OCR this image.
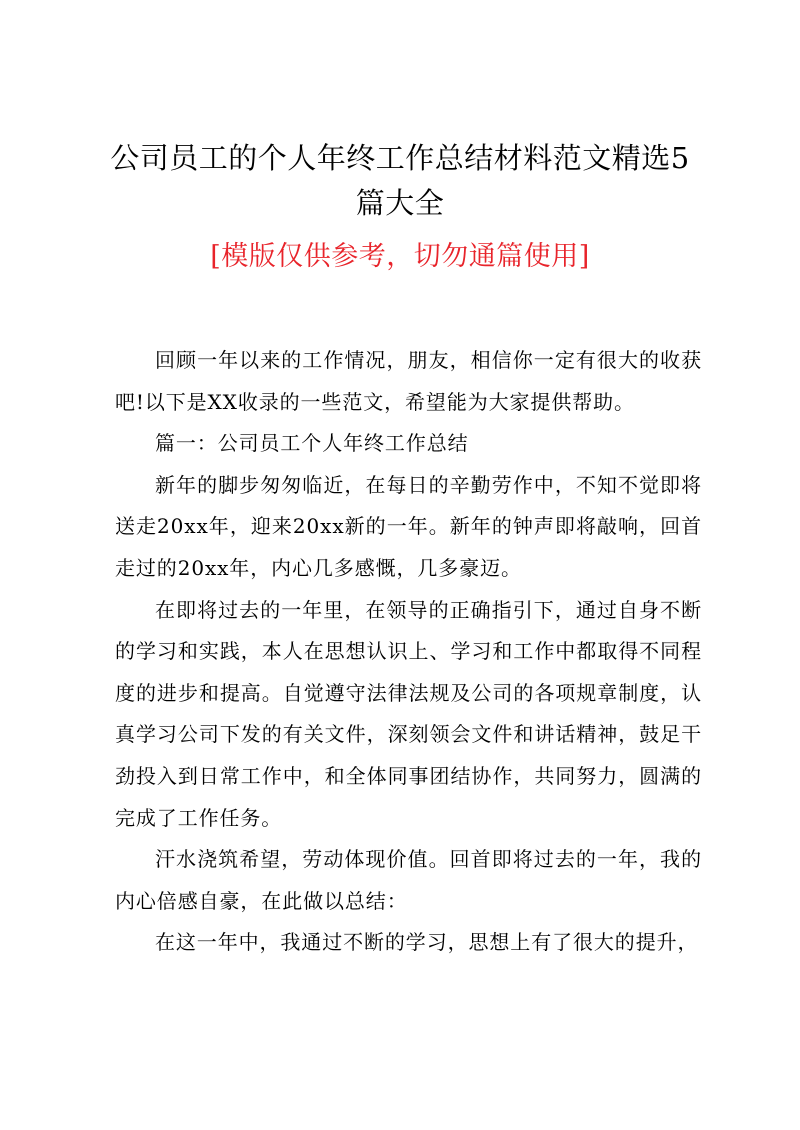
公司员工的个人年终工作总结材料范文精选5
篇大全
[模版仅供参考，切勿通篇使用]

回顾一年以来的工作情况，朋友，相信你一定有很大的收获吧!以下是XX收录的一些范文，希望能为大家提供帮助。

篇一：公司员工个人年终工作总结

新年的脚步匆匆临近，在每日的辛勤劳作中，不知不觉即将送走20xx年，迎来20xx新的一年。新年的钟声即将敲响，回首走过的20xx年，内心几多感慨，几多豪迈。

在即将过去的一年里，在领导的正确指引下，通过自身不断的学习和实践，本人在思想认识上、学习和工作中都取得不同程度的进步和提高。自觉遵守法律法规及公司的各项规章制度，认真学习公司下发的有关文件，深刻领会文件和讲话精神，鼓足干劲投入到日常工作中，和全体同事团结协作，共同努力，圆满的完成了工作任务。

汗水浇筑希望，劳动体现价值。回首即将过去的一年，我的内心倍感自豪，在此做以总结：

在这一年中，我通过不断的学习，思想上有了很大的提升，
